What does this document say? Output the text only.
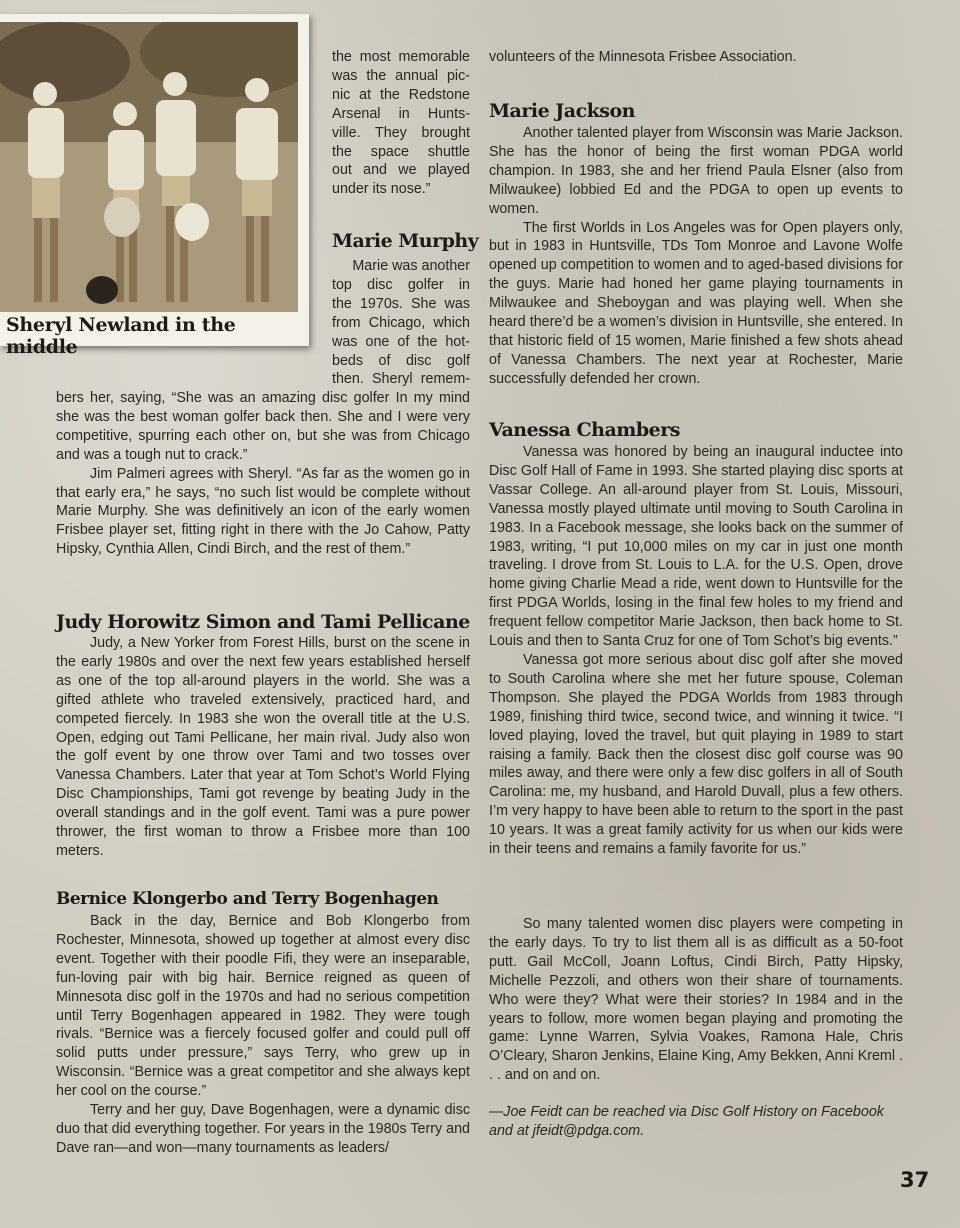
Sheryl Newland in the middle

the most memorable

was the annual pic-

nic at the Redstone

Arsenal in Hunts-

ville. They brought

the space shuttle

out and we played

under its nose.”

Marie Murphy

Marie was another

top disc golfer in

the 1970s. She was

from Chicago, which

was one of the hot-

beds of disc golf

then. Sheryl remem-

bers her, saying, “She was an amazing disc golfer In my mind she was the best woman golfer back then. She and I were very competitive, spurring each other on, but she was from Chicago and was a tough nut to crack.”

Jim Palmeri agrees with Sheryl. “As far as the women go in that early era,” he says, “no such list would be complete without Marie Murphy. She was definitively an icon of the early women Frisbee player set, fitting right in there with the Jo Cahow, Patty Hipsky, Cynthia Allen, Cindi Birch, and the rest of them.”

Judy Horowitz Simon and Tami Pellicane

Judy, a New Yorker from Forest Hills, burst on the scene in the early 1980s and over the next few years established herself as one of the top all-around players in the world. She was a gifted athlete who traveled extensively, practiced hard, and competed fiercely. In 1983 she won the overall title at the U.S. Open, edging out Tami Pellicane, her main rival. Judy also won the golf event by one throw over Tami and two tosses over Vanessa Chambers. Later that year at Tom Schot’s World Flying Disc Championships, Tami got revenge by beating Judy in the overall standings and in the golf event. Tami was a pure power thrower, the first woman to throw a Frisbee more than 100 meters.

Bernice Klongerbo and Terry Bogenhagen

Back in the day, Bernice and Bob Klongerbo from Rochester, Minnesota, showed up together at almost every disc event. Together with their poodle Fifi, they were an inseparable, fun-loving pair with big hair. Bernice reigned as queen of Minnesota disc golf in the 1970s and had no serious competition until Terry Bogenhagen appeared in 1982. They were tough rivals. “Bernice was a fiercely focused golfer and could pull off solid putts under pressure,” says Terry, who grew up in Wisconsin. “Bernice was a great competitor and she always kept her cool on the course.”

Terry and her guy, Dave Bogenhagen, were a dynamic disc duo that did everything together. For years in the 1980s Terry and Dave ran—and won—many tournaments as leaders/

volunteers of the Minnesota Frisbee Association.

Marie Jackson

Another talented player from Wisconsin was Marie Jackson. She has the honor of being the first woman PDGA world champion. In 1983, she and her friend Paula Elsner (also from Milwaukee) lobbied Ed and the PDGA to open up events to women.

The first Worlds in Los Angeles was for Open players only, but in 1983 in Huntsville, TDs Tom Monroe and Lavone Wolfe opened up competition to women and to aged-based divisions for the guys. Marie had honed her game playing tournaments in Milwaukee and Sheboygan and was playing well. When she heard there’d be a women’s division in Huntsville, she entered. In that historic field of 15 women, Marie finished a few shots ahead of Vanessa Chambers. The next year at Rochester, Marie successfully defended her crown.

Vanessa Chambers

Vanessa was honored by being an inaugural inductee into Disc Golf Hall of Fame in 1993. She started playing disc sports at Vassar College. An all-around player from St. Louis, Missouri, Vanessa mostly played ultimate until moving to South Carolina in 1983. In a Facebook message, she looks back on the summer of 1983, writing, “I put 10,000 miles on my car in just one month traveling. I drove from St. Louis to L.A. for the U.S. Open, drove home giving Charlie Mead a ride, went down to Huntsville for the first PDGA Worlds, losing in the final few holes to my friend and frequent fellow competitor Marie Jackson, then back home to St. Louis and then to Santa Cruz for one of Tom Schot’s big events.”

Vanessa got more serious about disc golf after she moved to South Carolina where she met her future spouse, Coleman Thompson. She played the PDGA Worlds from 1983 through 1989, finishing third twice, second twice, and winning it twice. “I loved playing, loved the travel, but quit playing in 1989 to start raising a family. Back then the closest disc golf course was 90 miles away, and there were only a few disc golfers in all of South Carolina: me, my husband, and Harold Duvall, plus a few others. I’m very happy to have been able to return to the sport in the past 10 years. It was a great family activity for us when our kids were in their teens and remains a family favorite for us.”

So many talented women disc players were competing in the early days. To try to list them all is as difficult as a 50-foot putt. Gail McColl, Joann Loftus, Cindi Birch, Patty Hipsky, Michelle Pezzoli, and others won their share of tournaments. Who were they? What were their stories? In 1984 and in the years to follow, more women began playing and promoting the game: Lynne Warren, Sylvia Voakes, Ramona Hale, Chris O’Cleary, Sharon Jenkins, Elaine King, Amy Bekken, Anni Kreml . . . and on and on.

—Joe Feidt can be reached via Disc Golf History on Facebook and at jfeidt@pdga.com.

37
